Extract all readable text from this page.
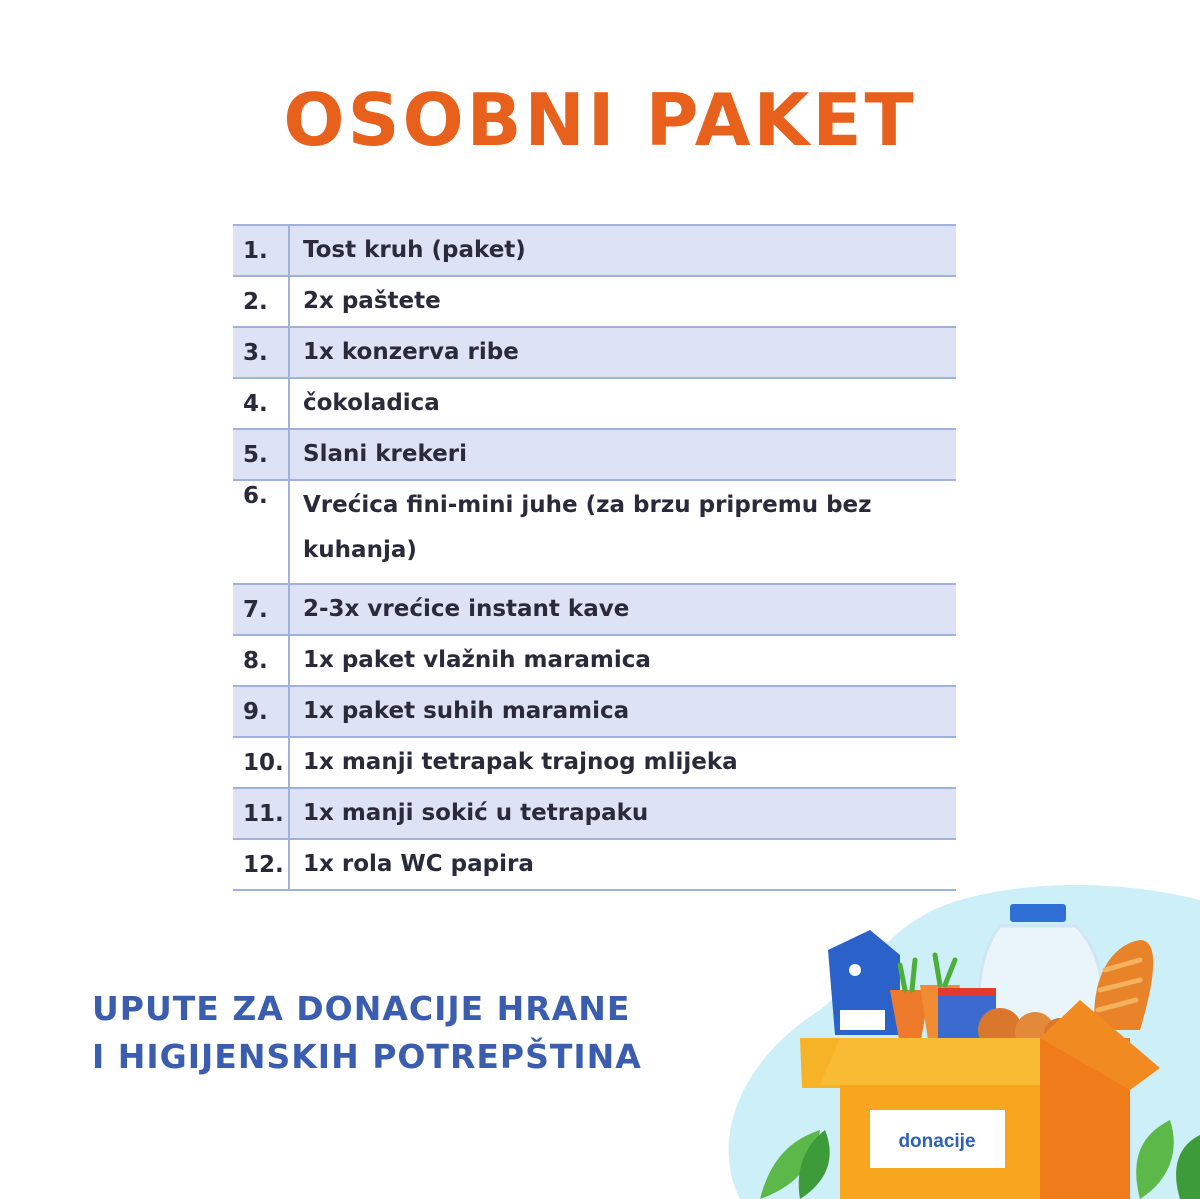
OSOBNI PAKET
1.	Tost kruh (paket)
2.	2x paštete
3.	1x konzerva ribe
4.	čokoladica
5.	Slani krekeri
6.	Vrećica fini-mini juhe (za brzu pripremu bez kuhanja)
7.	2-3x vrećice instant kave
8.	1x paket vlažnih maramica
9.	1x paket suhih maramica
10.	1x manji tetrapak trajnog mlijeka
11.	1x manji sokić u tetrapaku
12.	1x rola WC papira
UPUTE ZA DONACIJE HRANE
I HIGIJENSKIH POTREPŠTINA
donacije
